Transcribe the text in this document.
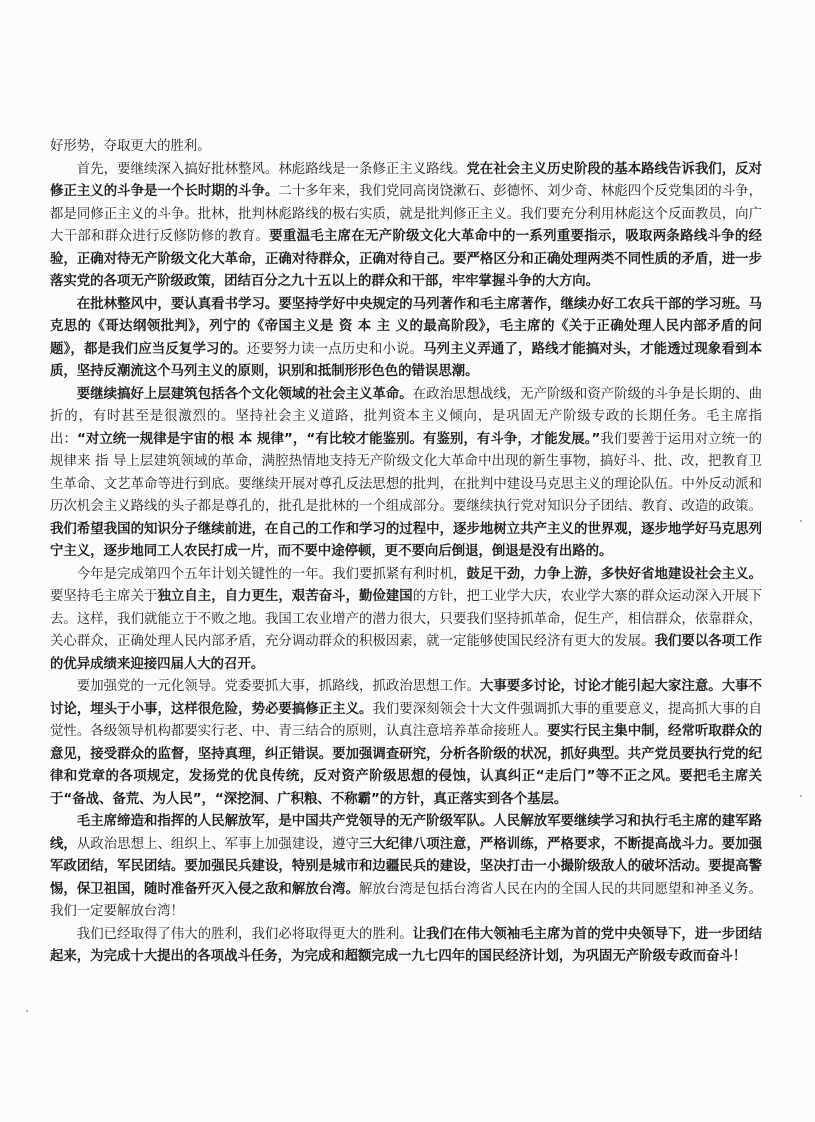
好形势，夺取更大的胜利。

首先，要继续深入搞好批林整风。林彪路线是一条修正主义路线。党在社会主义历史阶段的基本路线告诉我们，反对修正主义的斗争是一个长时期的斗争。二十多年来，我们党同高岗饶漱石、彭德怀、刘少奇、林彪四个反党集团的斗争，都是同修正主义的斗争。批林，批判林彪路线的极右实质，就是批判修正主义。我们要充分利用林彪这个反面教员，向广大干部和群众进行反修防修的教育。要重温毛主席在无产阶级文化大革命中的一系列重要指示，吸取两条路线斗争的经验，正确对待无产阶级文化大革命，正确对待群众，正确对待自己。要严格区分和正确处理两类不同性质的矛盾，进一步落实党的各项无产阶级政策，团结百分之九十五以上的群众和干部，牢牢掌握斗争的大方向。

在批林整风中，要认真看书学习。要坚持学好中央规定的马列著作和毛主席著作，继续办好工农兵干部的学习班。马克思的《哥达纲领批判》，列宁的《帝国主义是 资 本 主 义的最高阶段》，毛主席的《关于正确处理人民内部矛盾的问题》，都是我们应当反复学习的。还要努力读一点历史和小说。马列主义弄通了，路线才能搞对头，才能透过现象看到本质，坚持反潮流这个马列主义的原则，识别和抵制形形色色的错误思潮。

要继续搞好上层建筑包括各个文化领域的社会主义革命。在政治思想战线，无产阶级和资产阶级的斗争是长期的、曲折的，有时甚至是很激烈的。坚持社会主义道路，批判资本主义倾向，是巩固无产阶级专政的长期任务。毛主席指出：“对立统一规律是宇宙的根 本 规律”，“有比较才能鉴别。有鉴别，有斗争，才能发展。”我们要善于运用对立统一的规律来 指 导上层建筑领域的革命，满腔热情地支持无产阶级文化大革命中出现的新生事物，搞好斗、批、改，把教育卫生革命、文艺革命等进行到底。要继续开展对尊孔反法思想的批判，在批判中建设马克思主义的理论队伍。中外反动派和历次机会主义路线的头子都是尊孔的，批孔是批林的一个组成部分。要继续执行党对知识分子团结、教育、改造的政策。我们希望我国的知识分子继续前进，在自己的工作和学习的过程中，逐步地树立共产主义的世界观，逐步地学好马克思列宁主义，逐步地同工人农民打成一片，而不要中途停顿，更不要向后倒退，倒退是没有出路的。

今年是完成第四个五年计划关键性的一年。我们要抓紧有利时机，鼓足干劲，力争上游，多快好省地建设社会主义。要坚持毛主席关于独立自主，自力更生，艰苦奋斗，勤俭建国的方针，把工业学大庆，农业学大寨的群众运动深入开展下去。这样，我们就能立于不败之地。我国工农业增产的潜力很大，只要我们坚持抓革命，促生产，相信群众，依靠群众，关心群众，正确处理人民内部矛盾，充分调动群众的积极因素，就一定能够使国民经济有更大的发展。我们要以各项工作的优异成绩来迎接四届人大的召开。

要加强党的一元化领导。党委要抓大事，抓路线，抓政治思想工作。大事要多讨论，讨论才能引起大家注意。大事不讨论，埋头于小事，这样很危险，势必要搞修正主义。我们要深刻领会十大文件强调抓大事的重要意义，提高抓大事的自觉性。各级领导机构都要实行老、中、青三结合的原则，认真注意培养革命接班人。要实行民主集中制，经常听取群众的意见，接受群众的监督，坚持真理，纠正错误。要加强调查研究，分析各阶级的状况，抓好典型。共产党员要执行党的纪律和党章的各项规定，发扬党的优良传统，反对资产阶级思想的侵蚀，认真纠正“走后门”等不正之风。要把毛主席关于“备战、备荒、为人民”，“深挖洞、广积粮、不称霸”的方针，真正落实到各个基层。

毛主席缔造和指挥的人民解放军，是中国共产党领导的无产阶级军队。人民解放军要继续学习和执行毛主席的建军路线，从政治思想上、组织上、军事上加强建设，遵守三大纪律八项注意，严格训练，严格要求，不断提高战斗力。要加强军政团结，军民团结。要加强民兵建设，特别是城市和边疆民兵的建设，坚决打击一小撮阶级敌人的破坏活动。要提高警惕，保卫祖国，随时准备歼灭入侵之敌和解放台湾。解放台湾是包括台湾省人民在内的全国人民的共同愿望和神圣义务。我们一定要解放台湾！

我们已经取得了伟大的胜利，我们必将取得更大的胜利。让我们在伟大领袖毛主席为首的党中央领导下，进一步团结起来，为完成十大提出的各项战斗任务，为完成和超额完成一九七四年的国民经济计划，为巩固无产阶级专政而奋斗！
